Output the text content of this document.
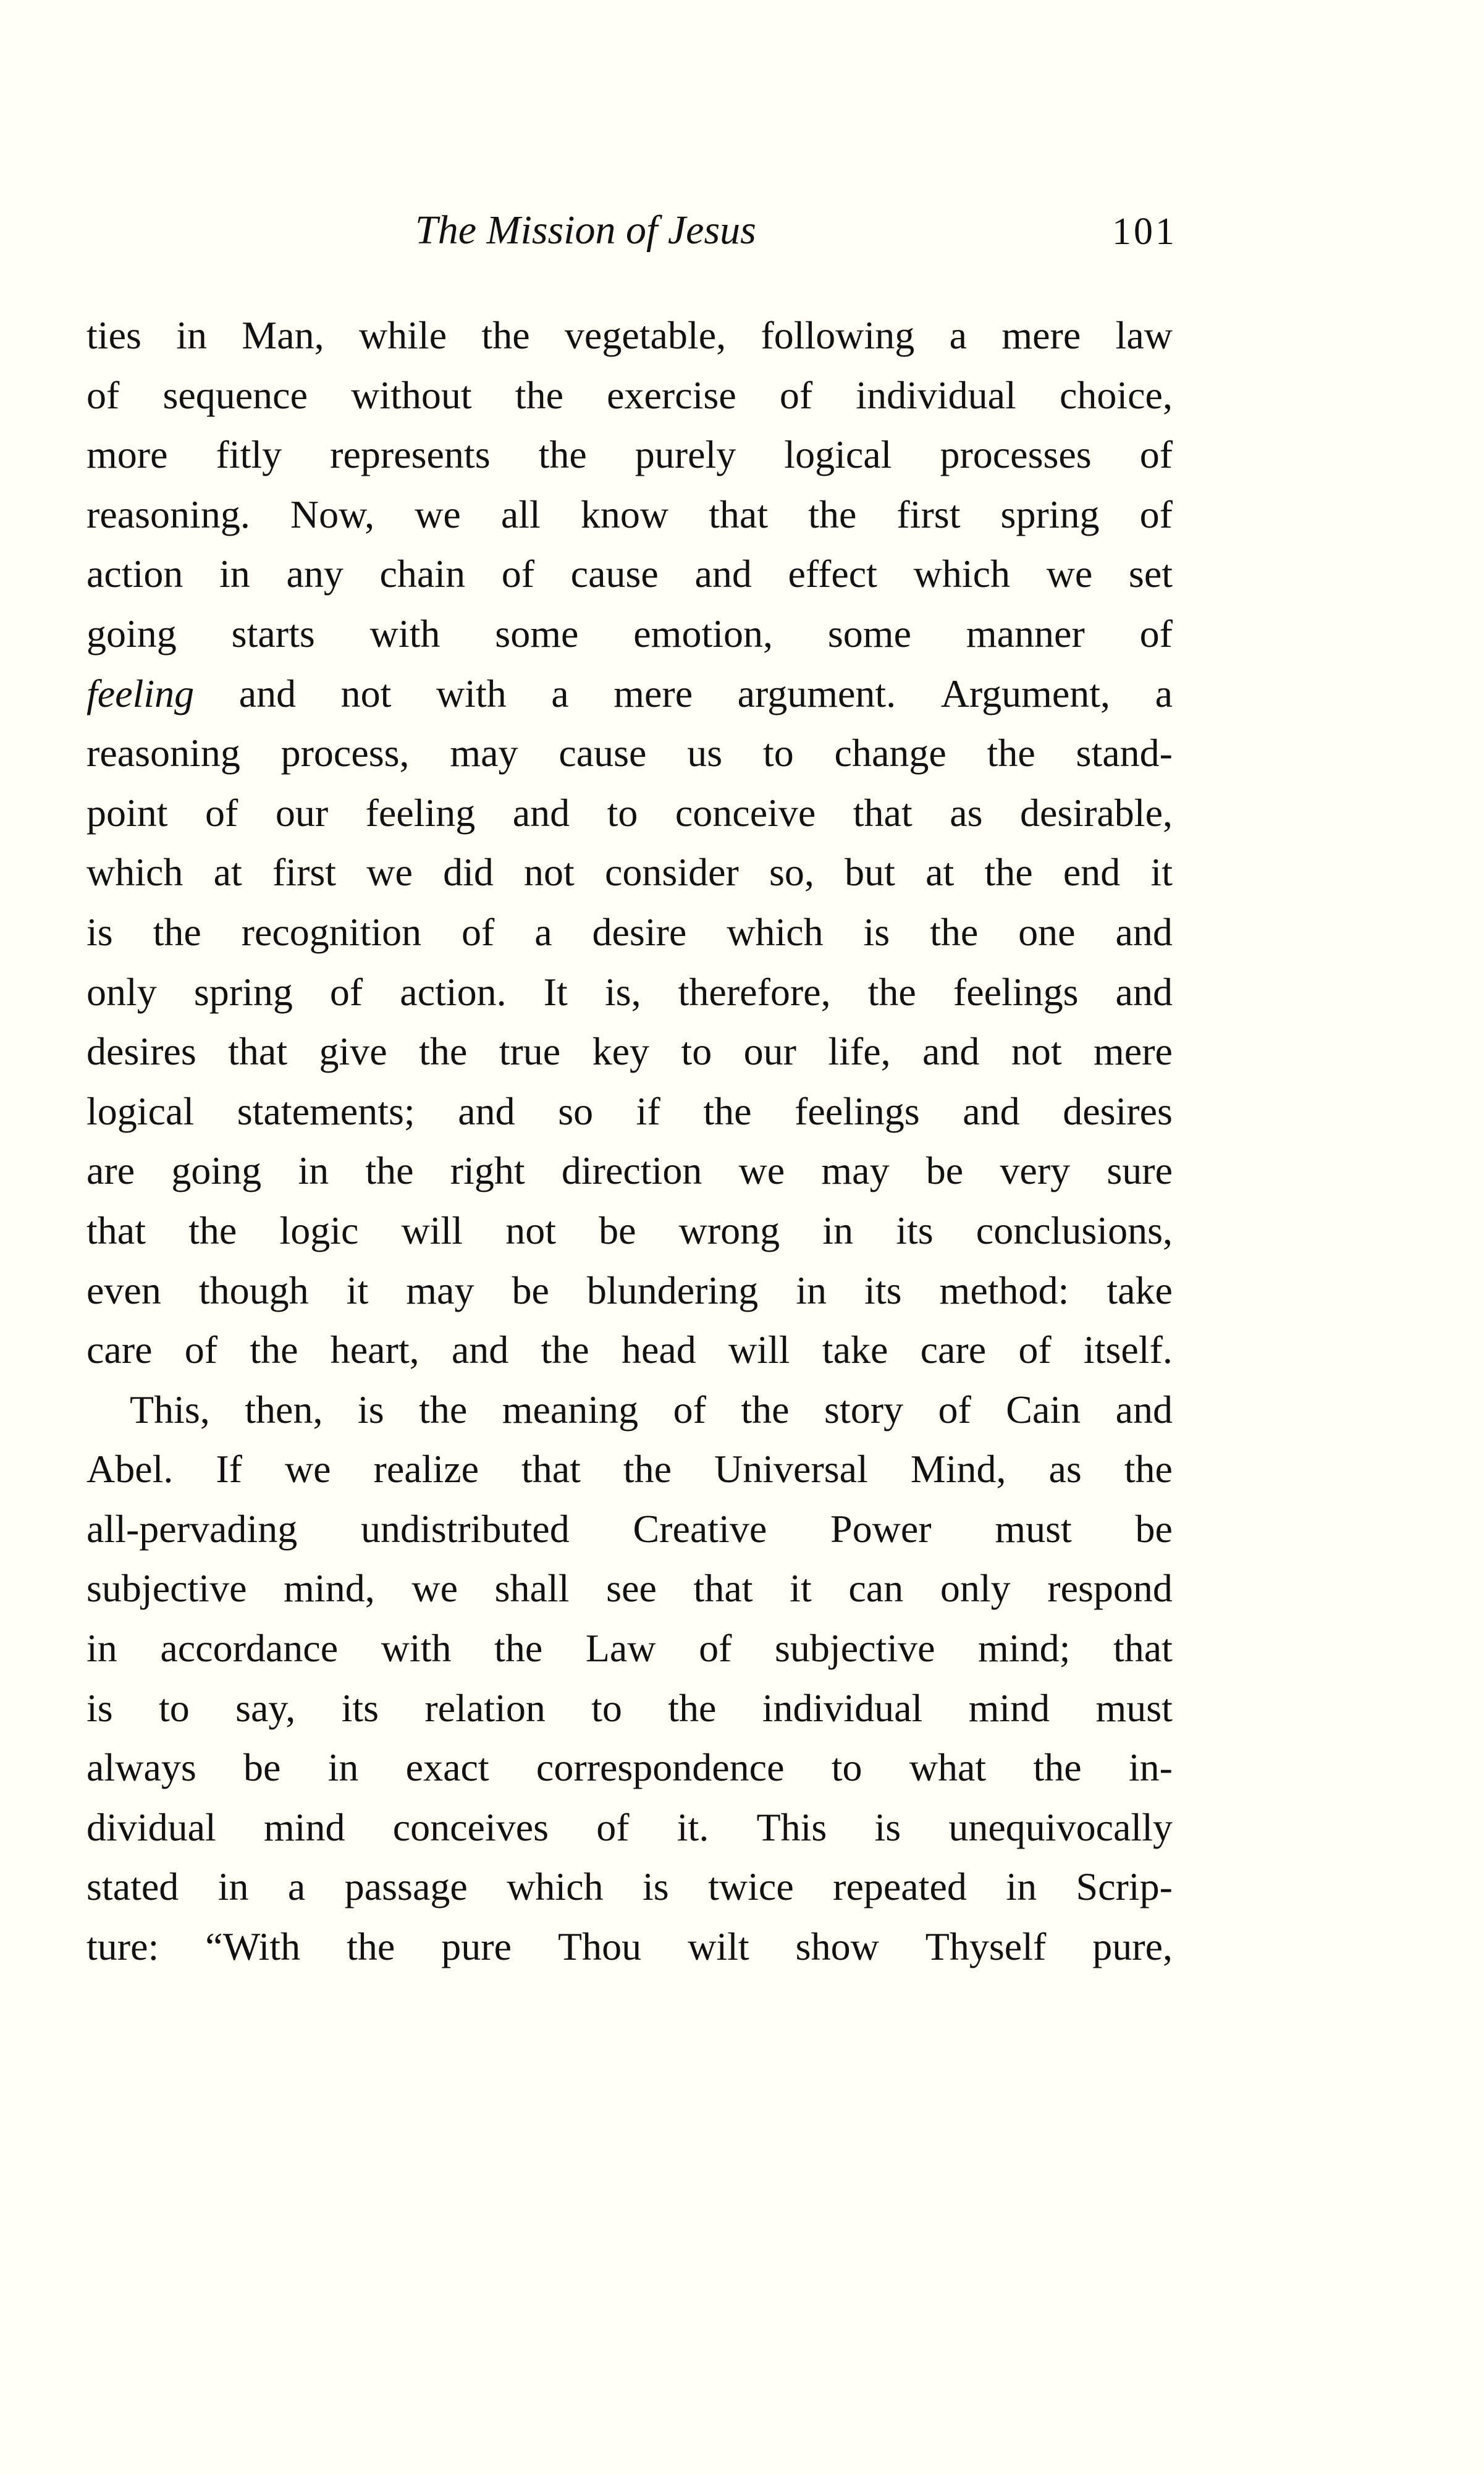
The Mission of Jesus	101
ties in Man, while the vegetable, following a mere law
of sequence without the exercise of individual choice,
more fitly represents the purely logical processes of
reasoning. Now, we all know that the first spring of
action in any chain of cause and effect which we set
going starts with some emotion, some manner of
feeling and not with a mere argument. Argument, a
reasoning process, may cause us to change the stand-
point of our feeling and to conceive that as desirable,
which at first we did not consider so, but at the end it
is the recognition of a desire which is the one and
only spring of action. It is, therefore, the feelings and
desires that give the true key to our life, and not mere
logical statements; and so if the feelings and desires
are going in the right direction we may be very sure
that the logic will not be wrong in its conclusions,
even though it may be blundering in its method: take
care of the heart, and the head will take care of itself.
This, then, is the meaning of the story of Cain and
Abel. If we realize that the Universal Mind, as the
all-pervading undistributed Creative Power must be
subjective mind, we shall see that it can only respond
in accordance with the Law of subjective mind; that
is to say, its relation to the individual mind must
always be in exact correspondence to what the in-
dividual mind conceives of it. This is unequivocally
stated in a passage which is twice repeated in Scrip-
ture: “With the pure Thou wilt show Thyself pure,
